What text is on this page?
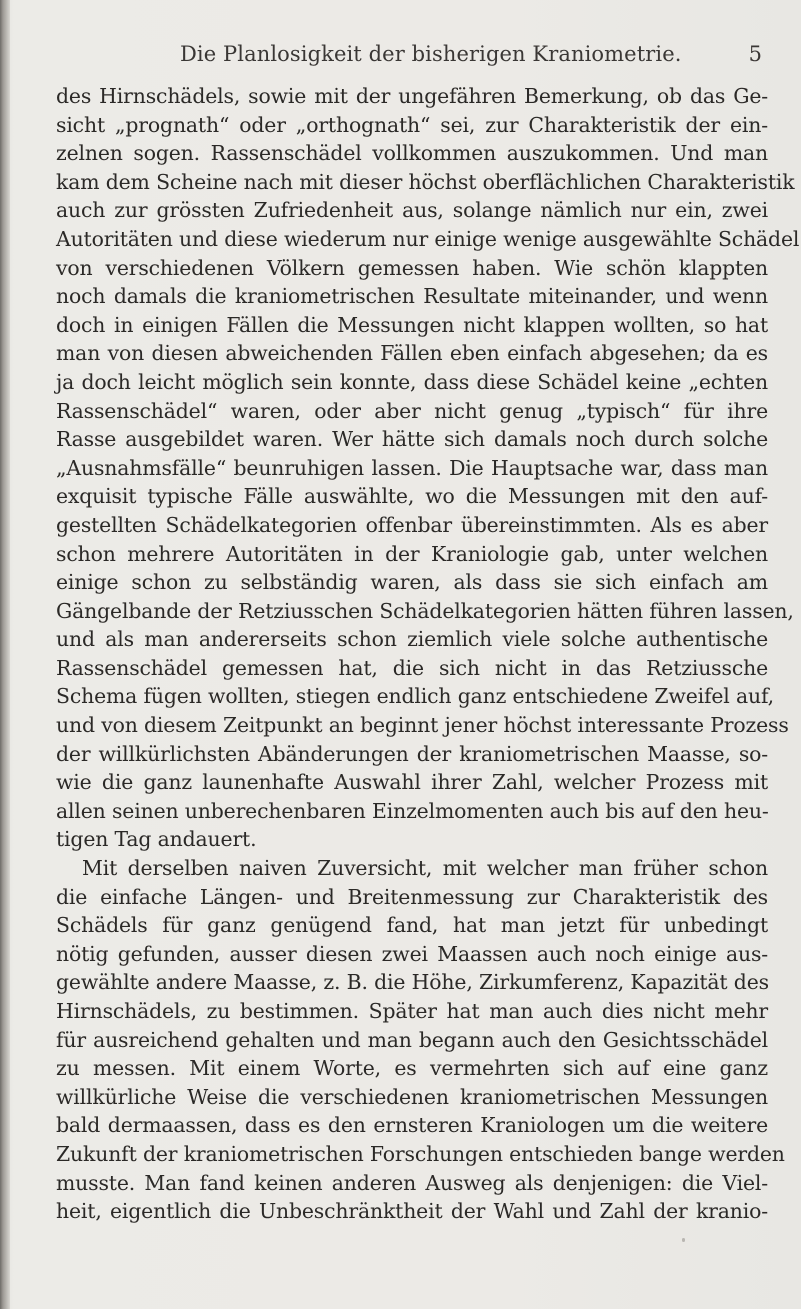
Die Planlosigkeit der bisherigen Kraniometrie.	5
des Hirnschädels, sowie mit der ungefähren Bemerkung, ob das Ge-
sicht „prognath“ oder „orthognath“ sei, zur Charakteristik der ein-
zelnen sogen. Rassenschädel vollkommen auszukommen. Und man
kam dem Scheine nach mit dieser höchst oberflächlichen Charakteristik
auch zur grössten Zufriedenheit aus, solange nämlich nur ein, zwei
Autoritäten und diese wiederum nur einige wenige ausgewählte Schädel
von verschiedenen Völkern gemessen haben. Wie schön klappten
noch damals die kraniometrischen Resultate miteinander, und wenn
doch in einigen Fällen die Messungen nicht klappen wollten, so hat
man von diesen abweichenden Fällen eben einfach abgesehen; da es
ja doch leicht möglich sein konnte, dass diese Schädel keine „echten
Rassenschädel“ waren, oder aber nicht genug „typisch“ für ihre
Rasse ausgebildet waren. Wer hätte sich damals noch durch solche
„Ausnahmsfälle“ beunruhigen lassen. Die Hauptsache war, dass man
exquisit typische Fälle auswählte, wo die Messungen mit den auf-
gestellten Schädelkategorien offenbar übereinstimmten. Als es aber
schon mehrere Autoritäten in der Kraniologie gab, unter welchen
einige schon zu selbständig waren, als dass sie sich einfach am
Gängelbande der Retziusschen Schädelkategorien hätten führen lassen,
und als man andererseits schon ziemlich viele solche authentische
Rassenschädel gemessen hat, die sich nicht in das Retziussche
Schema fügen wollten, stiegen endlich ganz entschiedene Zweifel auf,
und von diesem Zeitpunkt an beginnt jener höchst interessante Prozess
der willkürlichsten Abänderungen der kraniometrischen Maasse, so-
wie die ganz launenhafte Auswahl ihrer Zahl, welcher Prozess mit
allen seinen unberechenbaren Einzelmomenten auch bis auf den heu-
tigen Tag andauert.
Mit derselben naiven Zuversicht, mit welcher man früher schon
die einfache Längen- und Breitenmessung zur Charakteristik des
Schädels für ganz genügend fand, hat man jetzt für unbedingt
nötig gefunden, ausser diesen zwei Maassen auch noch einige aus-
gewählte andere Maasse, z. B. die Höhe, Zirkumferenz, Kapazität des
Hirnschädels, zu bestimmen. Später hat man auch dies nicht mehr
für ausreichend gehalten und man begann auch den Gesichtsschädel
zu messen. Mit einem Worte, es vermehrten sich auf eine ganz
willkürliche Weise die verschiedenen kraniometrischen Messungen
bald dermaassen, dass es den ernsteren Kraniologen um die weitere
Zukunft der kraniometrischen Forschungen entschieden bange werden
musste. Man fand keinen anderen Ausweg als denjenigen: die Viel-
heit, eigentlich die Unbeschränktheit der Wahl und Zahl der kranio-
